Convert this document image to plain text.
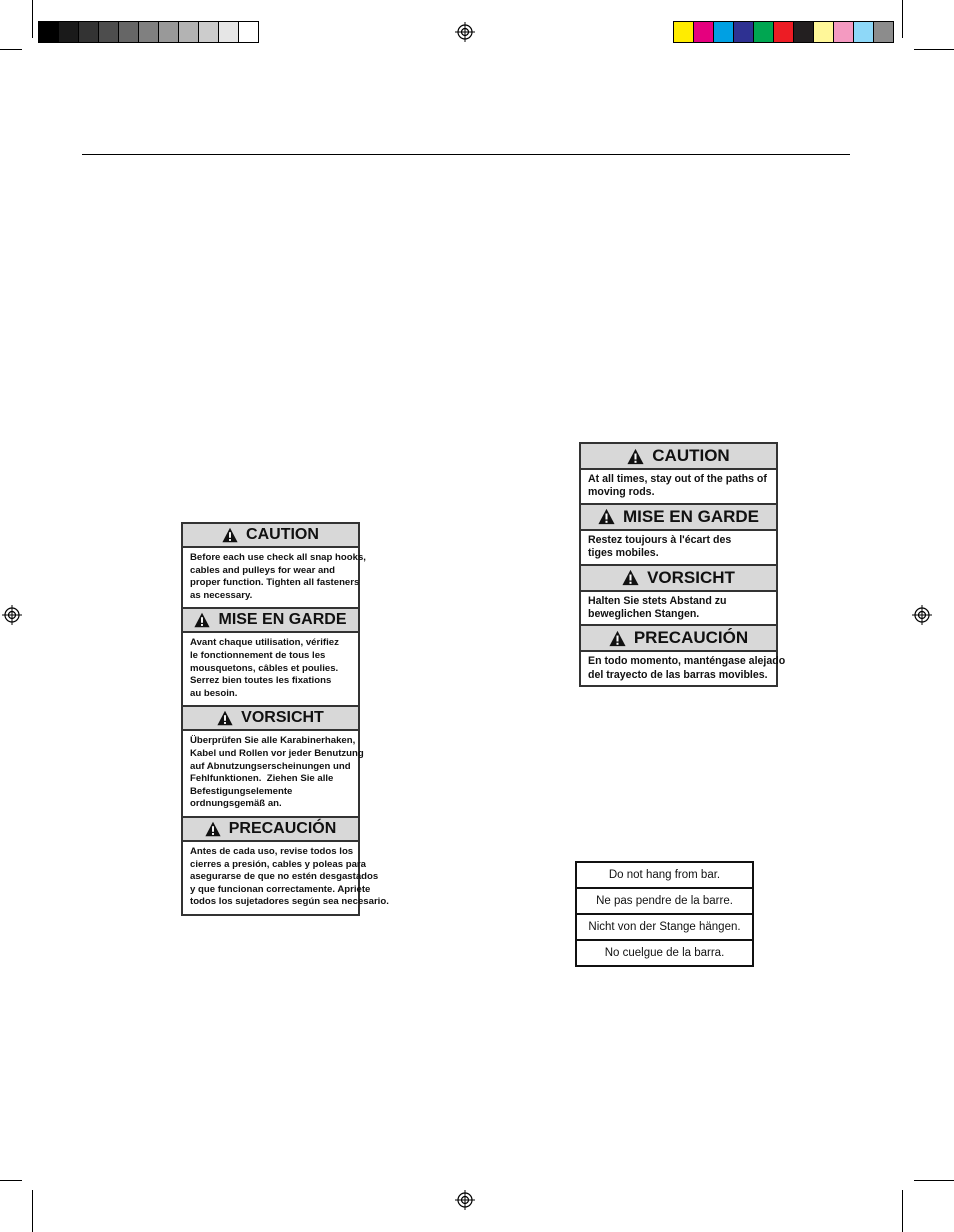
CAUTION
Before each use check all snap hooks,
cables and pulleys for wear and
proper function. Tighten all fasteners
as necessary.
MISE EN GARDE
Avant chaque utilisation, vérifiez
le fonctionnement de tous les
mousquetons, câbles et poulies.
Serrez bien toutes les fixations
au besoin.
VORSICHT
Überprüfen Sie alle Karabinerhaken,
Kabel und Rollen vor jeder Benutzung
auf Abnutzungserscheinungen und
Fehlfunktionen.  Ziehen Sie alle
Befestigungselemente
ordnungsgemäß an.
PRECAUCIÓN
Antes de cada uso, revise todos los
cierres a presión, cables y poleas para
asegurarse de que no estén desgastados
y que funcionan correctamente. Apriete
todos los sujetadores según sea necesario.
CAUTION
At all times, stay out of the paths of
moving rods.
MISE EN GARDE
Restez toujours à l'écart des
tiges mobiles.
VORSICHT
Halten Sie stets Abstand zu
beweglichen Stangen.
PRECAUCIÓN
En todo momento, manténgase alejado
del trayecto de las barras movibles.
Do not hang from bar.
Ne pas pendre de la barre.
Nicht von der Stange hängen.
No cuelgue de la barra.
